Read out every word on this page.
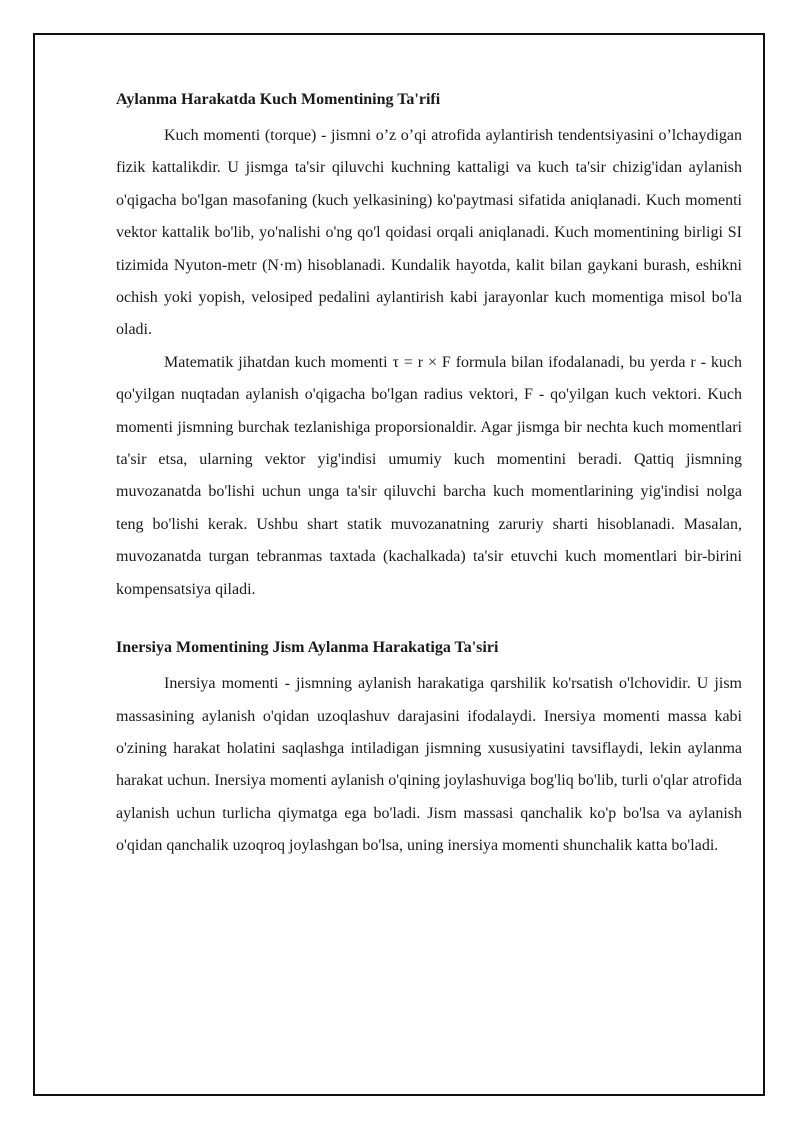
Aylanma Harakatda Kuch Momentining Ta'rifi

Kuch momenti (torque) - jismni o’z o’qi atrofida aylantirish tendentsiyasini o’lchaydigan fizik kattalikdir. U jismga ta'sir qiluvchi kuchning kattaligi va kuch ta'sir chizig'idan aylanish o'qigacha bo'lgan masofaning (kuch yelkasining) ko'paytmasi sifatida aniqlanadi. Kuch momenti vektor kattalik bo'lib, yo'nalishi o'ng qo'l qoidasi orqali aniqlanadi. Kuch momentining birligi SI tizimida Nyuton-metr (N·m) hisoblanadi. Kundalik hayotda, kalit bilan gaykani burash, eshikni ochish yoki yopish, velosiped pedalini aylantirish kabi jarayonlar kuch momentiga misol bo'la oladi.

Matematik jihatdan kuch momenti τ = r × F formula bilan ifodalanadi, bu yerda r - kuch qo'yilgan nuqtadan aylanish o'qigacha bo'lgan radius vektori, F - qo'yilgan kuch vektori. Kuch momenti jismning burchak tezlanishiga proporsionaldir. Agar jismga bir nechta kuch momentlari ta'sir etsa, ularning vektor yig'indisi umumiy kuch momentini beradi. Qattiq jismning muvozanatda bo'lishi uchun unga ta'sir qiluvchi barcha kuch momentlarining yig'indisi nolga teng bo'lishi kerak. Ushbu shart statik muvozanatning zaruriy sharti hisoblanadi. Masalan, muvozanatda turgan tebranmas taxtada (kachalkada) ta'sir etuvchi kuch momentlari bir-birini kompensatsiya qiladi.

Inersiya Momentining Jism Aylanma Harakatiga Ta'siri

Inersiya momenti - jismning aylanish harakatiga qarshilik ko'rsatish o'lchovidir. U jism massasining aylanish o'qidan uzoqlashuv darajasini ifodalaydi. Inersiya momenti massa kabi o'zining harakat holatini saqlashga intiladigan jismning xususiyatini tavsiflaydi, lekin aylanma harakat uchun. Inersiya momenti aylanish o'qining joylashuviga bog'liq bo'lib, turli o'qlar atrofida aylanish uchun turlicha qiymatga ega bo'ladi. Jism massasi qanchalik ko'p bo'lsa va aylanish o'qidan qanchalik uzoqroq joylashgan bo'lsa, uning inersiya momenti shunchalik katta bo'ladi.
